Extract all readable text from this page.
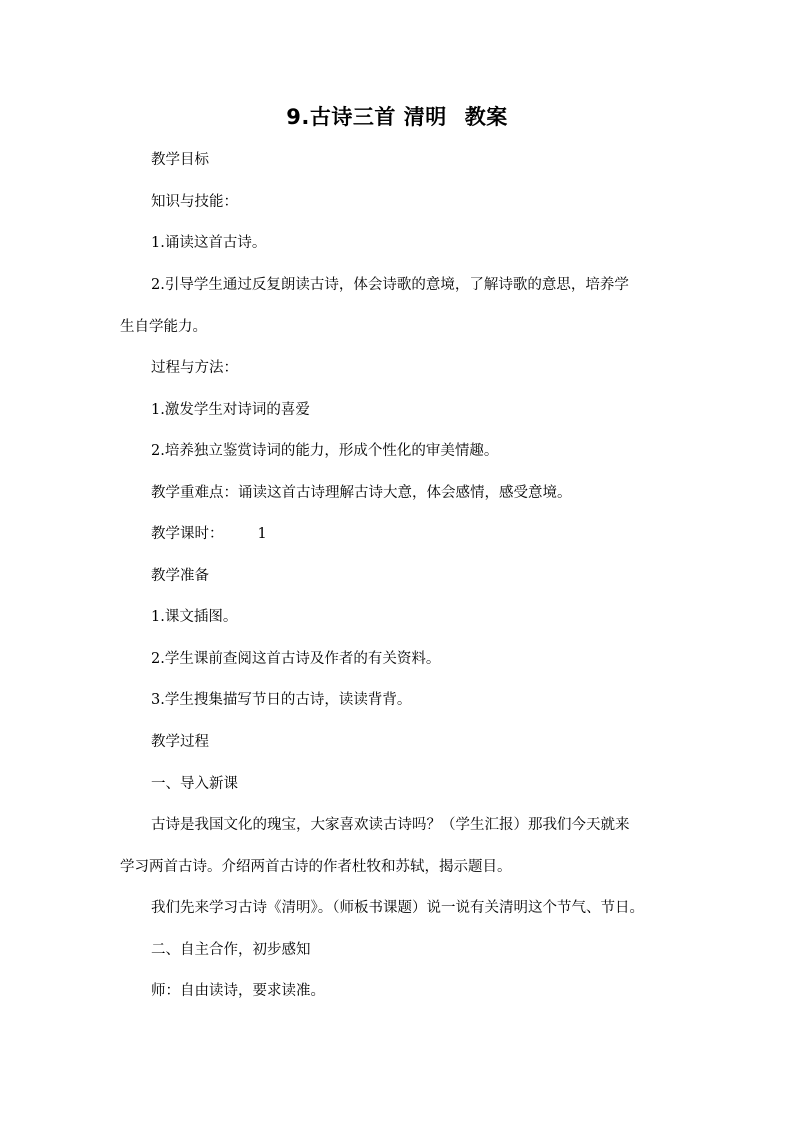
9.古诗三首 清明 教案
教学目标
知识与技能：
1.诵读这首古诗。
2.引导学生通过反复朗读古诗，体会诗歌的意境，了解诗歌的意思，培养学
生自学能力。
过程与方法：
1.激发学生对诗词的喜爱
2.培养独立鉴赏诗词的能力，形成个性化的审美情趣。
教学重难点：诵读这首古诗理解古诗大意，体会感情，感受意境。
教学课时： 1
教学准备
1.课文插图。
2.学生课前查阅这首古诗及作者的有关资料。
3.学生搜集描写节日的古诗，读读背背。
教学过程
一、导入新课
古诗是我国文化的瑰宝，大家喜欢读古诗吗？（学生汇报）那我们今天就来
学习两首古诗。介绍两首古诗的作者杜牧和苏轼，揭示题目。
我们先来学习古诗《清明》。（师板书课题）说一说有关清明这个节气、节日。
二、自主合作，初步感知
师：自由读诗，要求读准。
